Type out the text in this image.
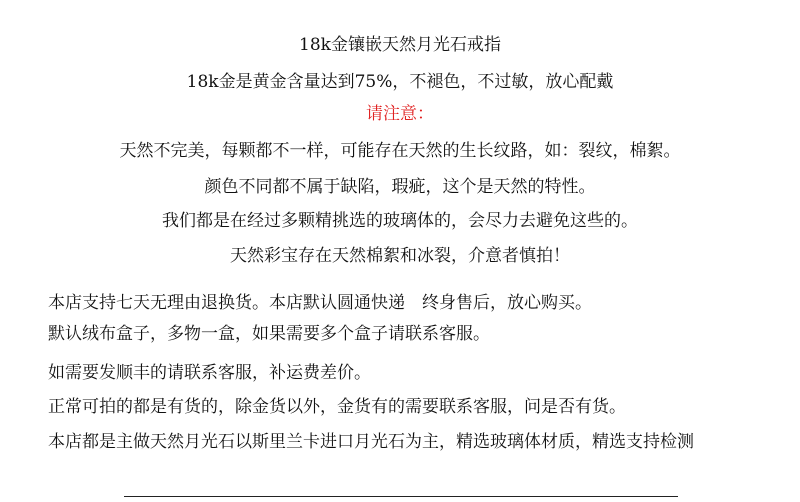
18k金镶嵌天然月光石戒指
18k金是黄金含量达到75%，不褪色，不过敏，放心配戴
请注意：
天然不完美，每颗都不一样，可能存在天然的生长纹路，如：裂纹，棉絮。
颜色不同都不属于缺陷，瑕疵，这个是天然的特性。
我们都是在经过多颗精挑选的玻璃体的，会尽力去避免这些的。
天然彩宝存在天然棉絮和冰裂，介意者慎拍！
本店支持七天无理由退换货。本店默认圆通快递　终身售后，放心购买。
默认绒布盒子，多物一盒，如果需要多个盒子请联系客服。
如需要发顺丰的请联系客服，补运费差价。
正常可拍的都是有货的，除金货以外，金货有的需要联系客服，问是否有货。
本店都是主做天然月光石以斯里兰卡进口月光石为主，精选玻璃体材质，精选支持检测
